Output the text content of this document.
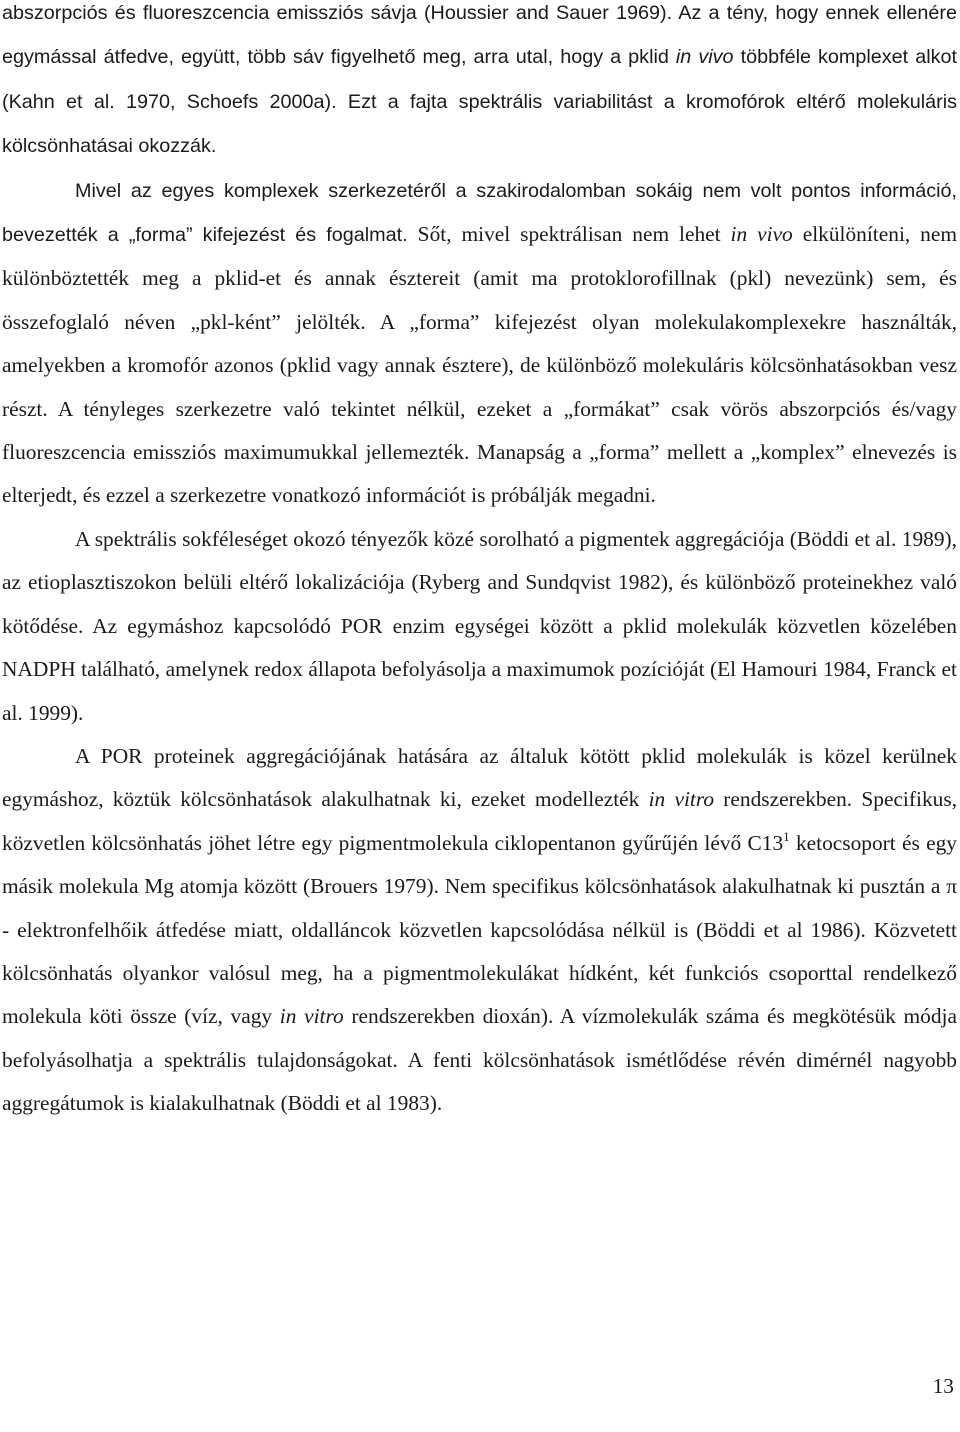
abszorpciós és fluoreszcencia emissziós sávja (Houssier and Sauer 1969). Az a tény, hogy ennek ellenére egymással átfedve, együtt, több sáv figyelhető meg, arra utal, hogy a pklid in vivo többféle komplexet alkot (Kahn et al. 1970, Schoefs 2000a). Ezt a fajta spektrális variabilitást a kromofórok eltérő molekuláris kölcsönhatásai okozzák.

Mivel az egyes komplexek szerkezetéről a szakirodalomban sokáig nem volt pontos információ, bevezették a „forma” kifejezést és fogalmat. Sőt, mivel spektrálisan nem lehet in vivo elkülöníteni, nem különböztették meg a pklid-et és annak észtereit (amit ma protoklorofillnak (pkl) nevezünk) sem, és összefoglaló néven „pkl-ként” jelölték. A „forma” kifejezést olyan molekulakomplexekre használták, amelyekben a kromofór azonos (pklid vagy annak észtere), de különböző molekuláris kölcsönhatásokban vesz részt. A tényleges szerkezetre való tekintet nélkül, ezeket a „formákat” csak vörös abszorpciós és/vagy fluoreszcencia emissziós maximumukkal jellemezték. Manapság a „forma” mellett a „komplex” elnevezés is elterjedt, és ezzel a szerkezetre vonatkozó információt is próbálják megadni.

A spektrális sokféleséget okozó tényezők közé sorolható a pigmentek aggregációja (Böddi et al. 1989), az etioplasztiszokon belüli eltérő lokalizációja (Ryberg and Sundqvist 1982), és különböző proteinekhez való kötődése. Az egymáshoz kapcsolódó POR enzim egységei között a pklid molekulák közvetlen közelében NADPH található, amelynek redox állapota befolyásolja a maximumok pozícióját (El Hamouri 1984, Franck et al. 1999).

A POR proteinek aggregációjának hatására az általuk kötött pklid molekulák is közel kerülnek egymáshoz, köztük kölcsönhatások alakulhatnak ki, ezeket modellezték in vitro rendszerekben. Specifikus, közvetlen kölcsönhatás jöhet létre egy pigmentmolekula ciklopentanon gyűrűjén lévő $C13^1$ ketocsoport és egy másik molekula Mg atomja között (Brouers 1979). Nem specifikus kölcsönhatások alakulhatnak ki pusztán a π - elektronfelhőik átfedése miatt, oldalláncok közvetlen kapcsolódása nélkül is (Böddi et al 1986). Közvetett kölcsönhatás olyankor valósul meg, ha a pigmentmolekulákat hídként, két funkciós csoporttal rendelkező molekula köti össze (víz, vagy in vitro rendszerekben dioxán). A vízmolekulák száma és megkötésük módja befolyásolhatja a spektrális tulajdonságokat. A fenti kölcsönhatások ismétlődése révén dimérnél nagyobb aggregátumok is kialakulhatnak (Böddi et al 1983).

13
